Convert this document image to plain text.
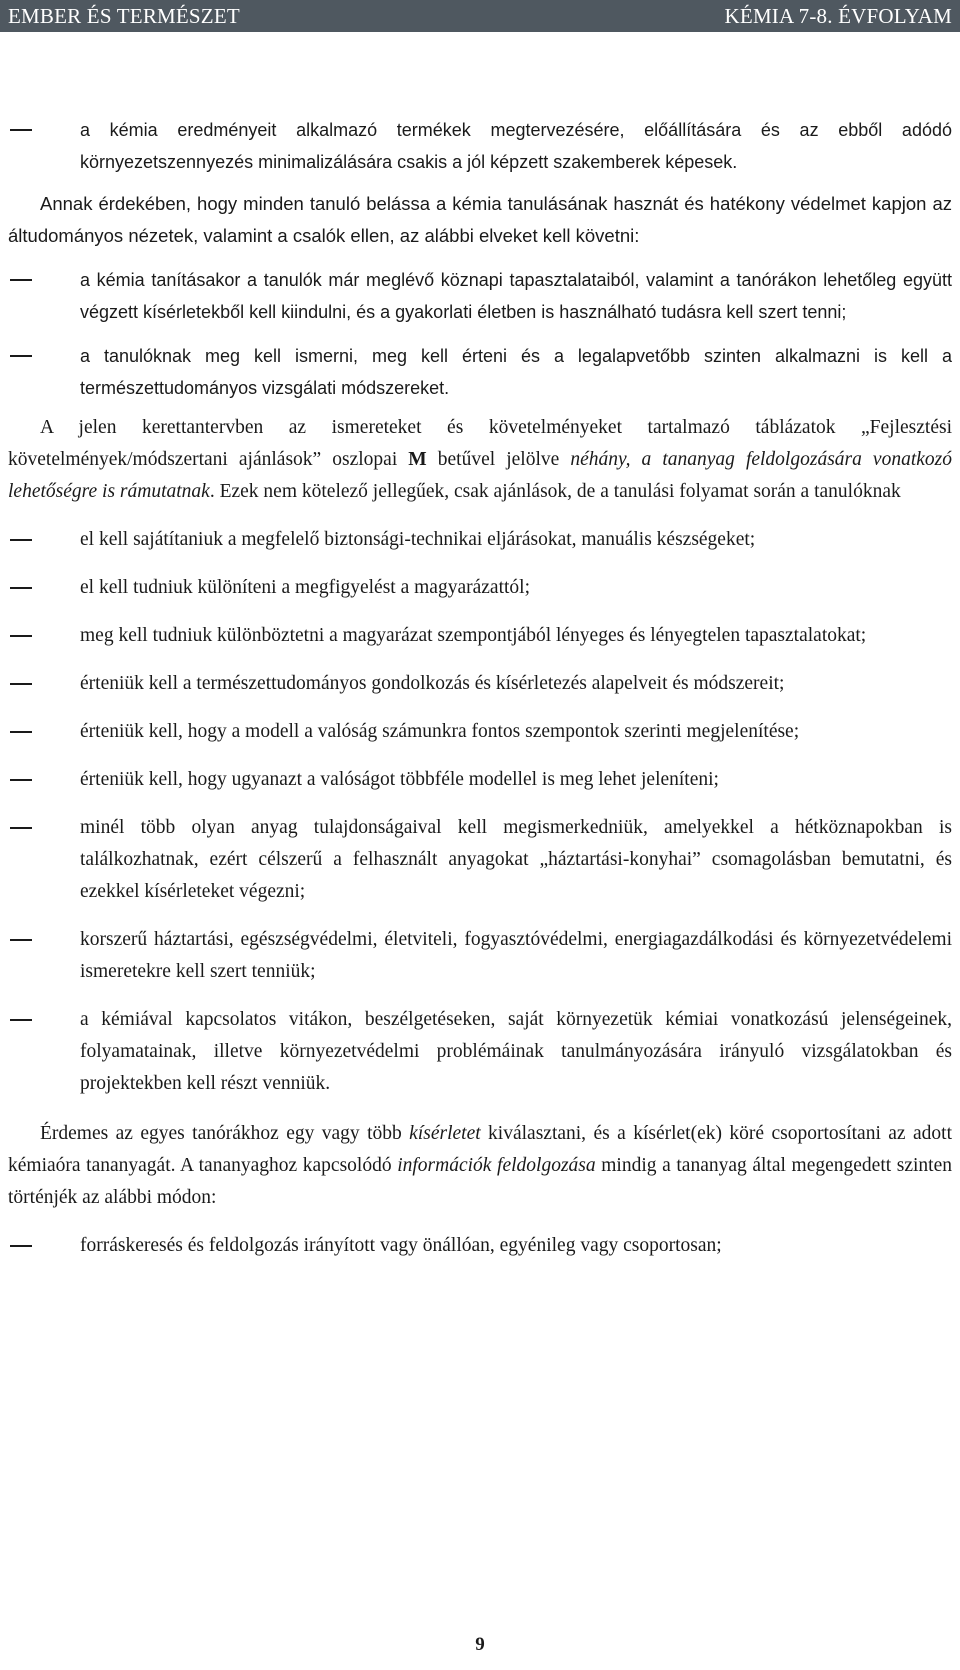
EMBER ÉS TERMÉSZET	KÉMIA 7-8. ÉVFOLYAM
a kémia eredményeit alkalmazó termékek megtervezésére, előállítására és az ebből adódó környezetszennyezés minimalizálására csakis a jól képzett szakemberek képesek.
Annak érdekében, hogy minden tanuló belássa a kémia tanulásának hasznát és hatékony védelmet kapjon az áltudományos nézetek, valamint a csalók ellen, az alábbi elveket kell követni:
a kémia tanításakor a tanulók már meglévő köznapi tapasztalataiból, valamint a tanórákon lehetőleg együtt végzett kísérletekből kell kiindulni, és a gyakorlati életben is használható tudásra kell szert tenni;
a tanulóknak meg kell ismerni, meg kell érteni és a legalapvetőbb szinten alkalmazni is kell a természettudományos vizsgálati módszereket.
A jelen kerettantervben az ismereteket és követelményeket tartalmazó táblázatok „Fejlesztési követelmények/módszertani ajánlások” oszlopai M betűvel jelölve néhány, a tananyag feldolgozására vonatkozó lehetőségre is rámutatnak. Ezek nem kötelező jellegűek, csak ajánlások, de a tanulási folyamat során a tanulóknak
el kell sajátítaniuk a megfelelő biztonsági-technikai eljárásokat, manuális készségeket;
el kell tudniuk különíteni a megfigyelést a magyarázattól;
meg kell tudniuk különböztetni a magyarázat szempontjából lényeges és lényegtelen tapasztalatokat;
érteniük kell a természettudományos gondolkozás és kísérletezés alapelveit és módszereit;
érteniük kell, hogy a modell a valóság számunkra fontos szempontok szerinti megjelenítése;
érteniük kell, hogy ugyanazt a valóságot többféle modellel is meg lehet jeleníteni;
minél több olyan anyag tulajdonságaival kell megismerkedniük, amelyekkel a hétköznapokban is találkozhatnak, ezért célszerű a felhasznált anyagokat „háztartási-konyhai” csomagolásban bemutatni, és ezekkel kísérleteket végezni;
korszerű háztartási, egészségvédelmi, életviteli, fogyasztóvédelmi, energiagazdálkodási és környezetvédelemi ismeretekre kell szert tenniük;
a kémiával kapcsolatos vitákon, beszélgetéseken, saját környezetük kémiai vonatkozású jelenségeinek, folyamatainak, illetve környezetvédelmi problémáinak tanulmányozására irányuló vizsgálatokban és projektekben kell részt venniük.
Érdemes az egyes tanórákhoz egy vagy több kísérletet kiválasztani, és a kísérlet(ek) köré csoportosítani az adott kémiaóra tananyagát. A tananyaghoz kapcsolódó információk feldolgozása mindig a tananyag által megengedett szinten történjék az alábbi módon:
forráskeresés és feldolgozás irányított vagy önállóan, egyénileg vagy csoportosan;
9
